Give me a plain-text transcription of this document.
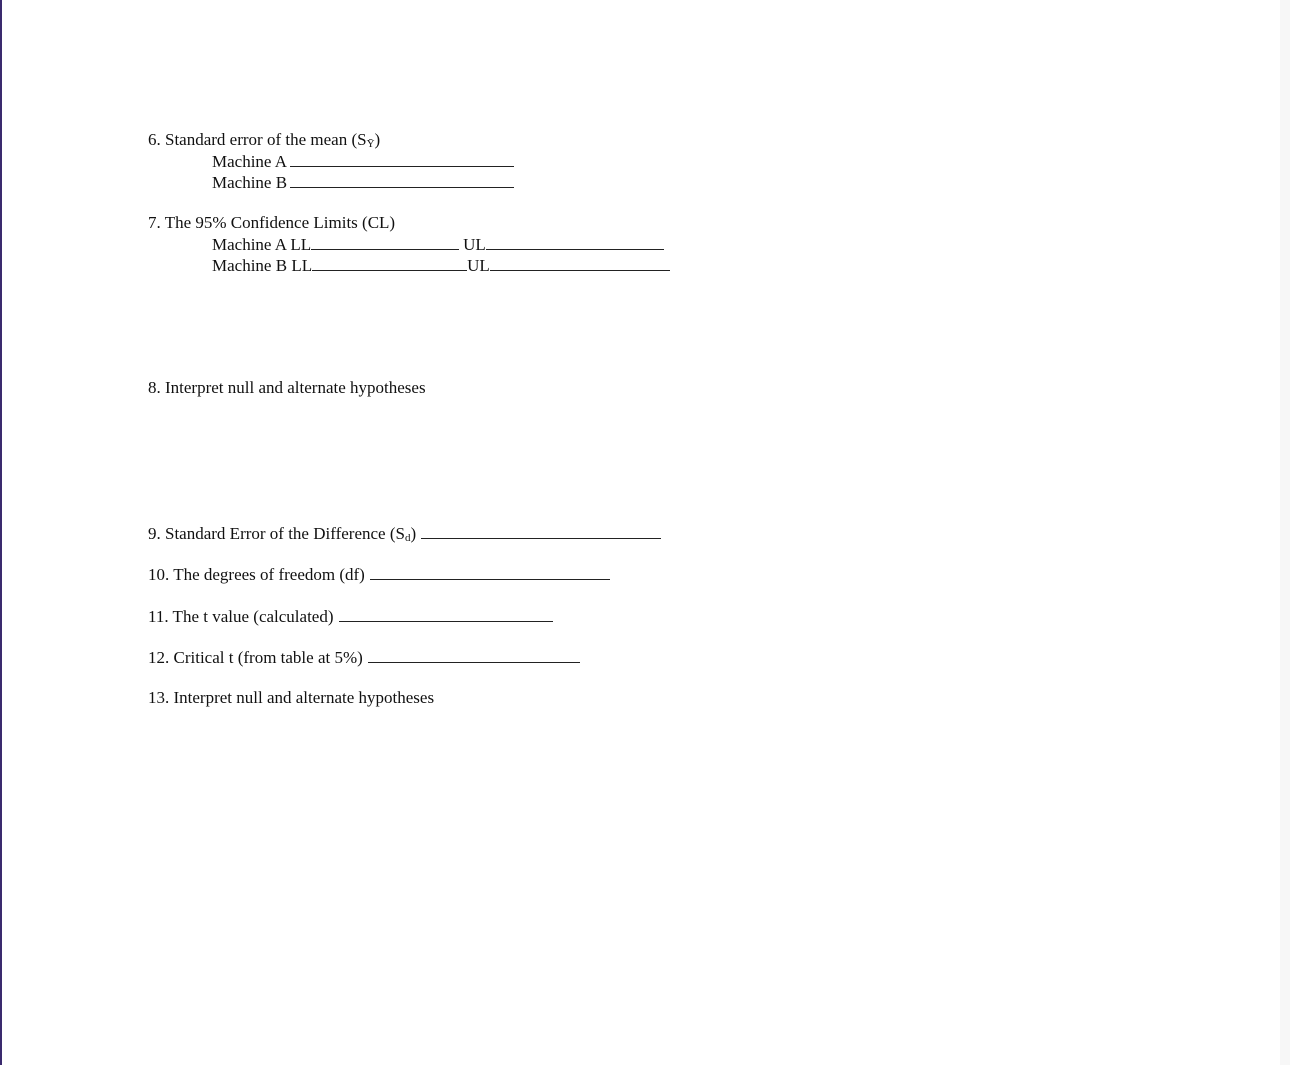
6. Standard error of the mean $(S_Ȳ)$
Machine A
Machine B
7. The 95% Confidence Limits (CL)
Machine A LL	UL
Machine B LL	UL
8. Interpret null and alternate hypotheses
9. Standard Error of the Difference $(S_d)$
10. The degrees of freedom (df)
11. The t value (calculated)
12. Critical t (from table at 5%)
13. Interpret null and alternate hypotheses
